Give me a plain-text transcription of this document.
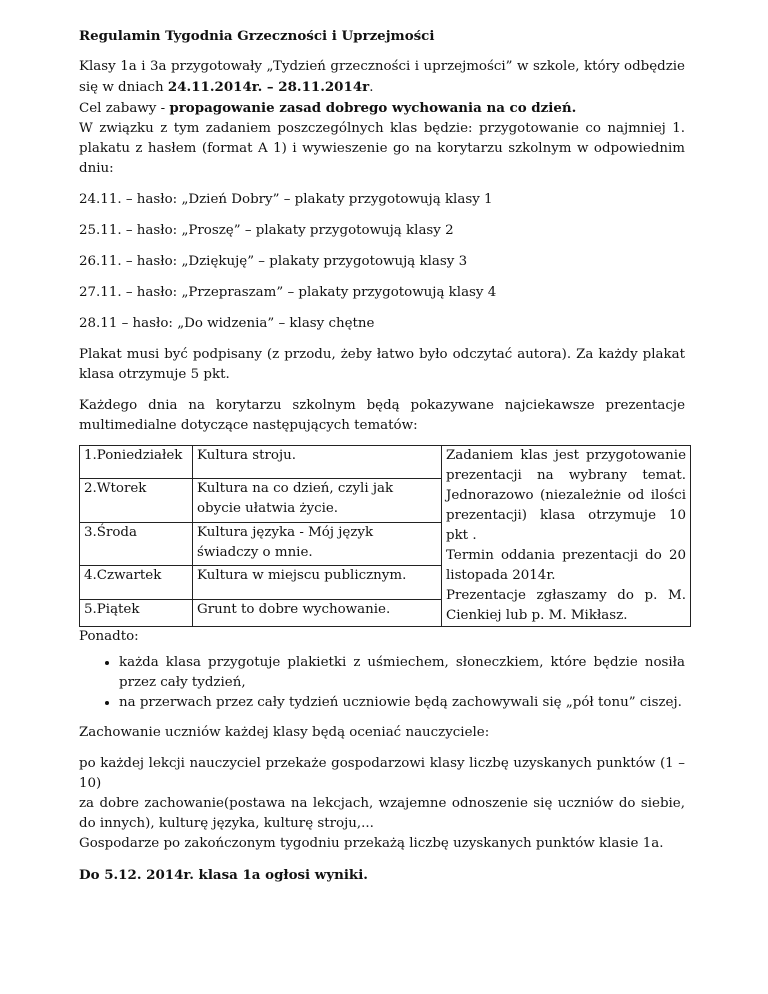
Regulamin Tygodnia Grzeczności i Uprzejmości

Klasy 1a i 3a przygotowały „Tydzień grzeczności i uprzejmości” w szkole, który odbędzie się w dniach 24.11.2014r. – 28.11.2014r.

Cel zabawy - propagowanie zasad dobrego wychowania na co dzień.

W związku z tym zadaniem poszczególnych klas będzie: przygotowanie co najmniej 1. plakatu z hasłem (format A 1) i wywieszenie go na korytarzu szkolnym w odpowiednim dniu:

24.11. – hasło: „Dzień Dobry” – plakaty przygotowują klasy 1

25.11. – hasło: „Proszę” – plakaty przygotowują klasy 2

26.11. – hasło: „Dziękuję” – plakaty przygotowują klasy 3

27.11. – hasło: „Przepraszam” – plakaty przygotowują klasy 4

28.11 – hasło: „Do widzenia” – klasy chętne

Plakat musi być podpisany (z przodu, żeby łatwo było odczytać autora). Za każdy plakat klasa otrzymuje 5 pkt.

Każdego dnia na korytarzu szkolnym będą pokazywane najciekawsze prezentacje multimedialne dotyczące następujących tematów:

1.Poniedziałek	Kultura stroju.	Zadaniem klas jest przygotowanie prezentacji na wybrany temat. Jednorazowo (niezależnie od ilości prezentacji) klasa otrzymuje 10 pkt .
Termin oddania prezentacji do 20 listopada 2014r.
Prezentacje zgłaszamy do p. M. Cienkiej lub p. M. Mikłasz.

2.Wtorek	Kultura na co dzień, czyli jak obycie ułatwia życie.	

3.Środa	Kultura języka - Mój język świadczy o mnie.	

4.Czwartek	Kultura w miejscu publicznym.	

5.Piątek	Grunt to dobre wychowanie.	

Ponadto:

• każda klasa przygotuje plakietki z uśmiechem, słoneczkiem, które będzie nosiła przez cały tydzień,
• na przerwach przez cały tydzień uczniowie będą zachowywali się „pół tonu” ciszej.

Zachowanie uczniów każdej klasy będą oceniać nauczyciele:

po każdej lekcji nauczyciel przekaże gospodarzowi klasy liczbę uzyskanych punktów (1 – 10)

za dobre zachowanie(postawa na lekcjach, wzajemne odnoszenie się uczniów do siebie, do innych), kulturę języka, kulturę stroju,...

Gospodarze po zakończonym tygodniu przekażą liczbę uzyskanych punktów klasie 1a.

Do 5.12. 2014r. klasa 1a ogłosi wyniki.
